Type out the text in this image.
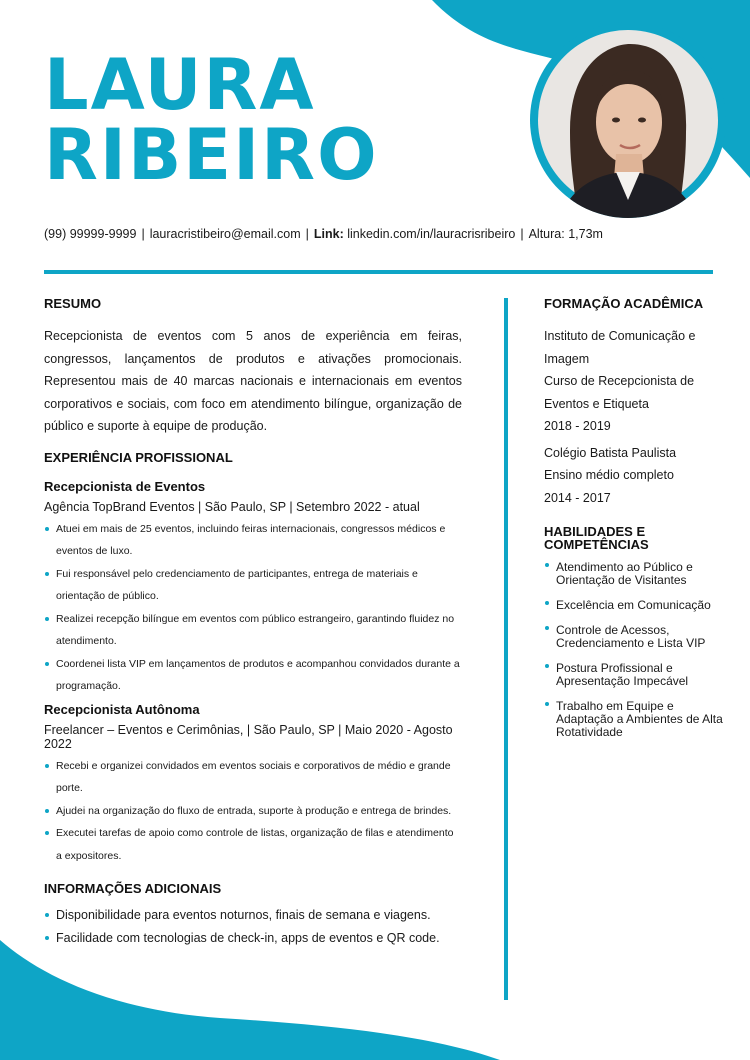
LAURA
RIBEIRO
(99) 99999-9999 | lauracristibeiro@email.com | Link: linkedin.com/in/lauracrisribeiro | Altura: 1,73m
RESUMO

Recepcionista de eventos com 5 anos de experiência em feiras, congressos, lançamentos de produtos e ativações promocionais. Representou mais de 40 marcas nacionais e internacionais em eventos corporativos e sociais, com foco em atendimento bilíngue, organização de público e suporte à equipe de produção.

EXPERIÊNCIA PROFISSIONAL

Recepcionista de Eventos

Agência TopBrand Eventos | São Paulo, SP | Setembro 2022 - atual

Atuei em mais de 25 eventos, incluindo feiras internacionais, congressos médicos e eventos de luxo.
Fui responsável pelo credenciamento de participantes, entrega de materiais e orientação de público.
Realizei recepção bilíngue em eventos com público estrangeiro, garantindo fluidez no atendimento.
Coordenei lista VIP em lançamentos de produtos e acompanhou convidados durante a programação.

Recepcionista Autônoma

Freelancer – Eventos e Cerimônias, | São Paulo, SP | Maio 2020 - Agosto 2022

Recebi e organizei convidados em eventos sociais e corporativos de médio e grande porte.
Ajudei na organização do fluxo de entrada, suporte à produção e entrega de brindes.
Executei tarefas de apoio como controle de listas, organização de filas e atendimento a expositores.
INFORMAÇÕES ADICIONAIS
Disponibilidade para eventos noturnos, finais de semana e viagens.
Facilidade com tecnologias de check-in, apps de eventos e QR code.
FORMAÇÃO ACADÊMICA

Instituto de Comunicação e Imagem

Curso de Recepcionista de Eventos e Etiqueta

2018 - 2019

Colégio Batista Paulista

Ensino médio completo

2014 - 2017

HABILIDADES E
COMPETÊNCIAS
Atendimento ao Público e Orientação de Visitantes
Excelência em Comunicação
Controle de Acessos, Credenciamento e Lista VIP
Postura Profissional e Apresentação Impecável
Trabalho em Equipe e Adaptação a Ambientes de Alta Rotatividade
